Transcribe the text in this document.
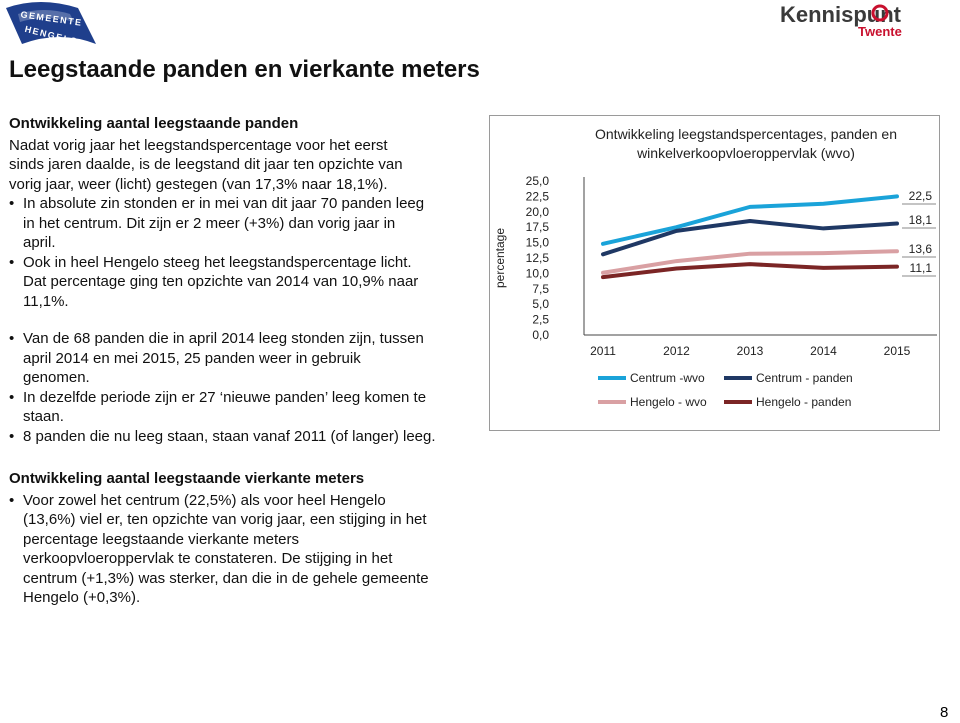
GEMEENTE
HENGELO
Kennispunt
Twente
Leegstaande panden en vierkante meters

Ontwikkeling aantal leegstaande panden

Nadat vorig jaar het leegstandspercentage voor het eerst
sinds jaren daalde, is de leegstand dit jaar ten opzichte van
vorig jaar, weer (licht) gestegen (van 17,3% naar 18,1%).
• In absolute zin stonden er in mei van dit jaar 70 panden leeg
in het centrum. Dit zijn er 2 meer (+3%) dan vorig jaar in
april.
• Ook in heel Hengelo steeg het leegstandspercentage licht.
Dat percentage ging ten opzichte van 2014 van 10,9% naar
11,1%.
• Van de 68 panden die in april 2014 leeg stonden zijn, tussen
april 2014 en mei 2015, 25 panden weer in gebruik
genomen.
• In dezelfde periode zijn er 27 ‘nieuwe panden’ leeg komen te
staan.
• 8 panden die nu leeg staan, staan vanaf 2011 (of langer) leeg.

Ontwikkeling aantal leegstaande vierkante meters

• Voor zowel het centrum (22,5%) als voor heel Hengelo
(13,6%) viel er, ten opzichte van vorig jaar, een stijging in het
percentage leegstaande vierkante meters
verkoopvloeroppervlak te constateren. De stijging in het
centrum (+1,3%) was sterker, dan die in de gehele gemeente
Hengelo (+0,3%).
Ontwikkeling leegstandspercentages, panden en
winkelverkoopvloeroppervlak (wvo)
percentage
0,0
2,5
5,0
7,5
10,0
12,5
15,0
17,5
20,0
22,5
25,0
2011	2012	2013	2014	2015
22,5
18,1
13,6
11,1
Centrum -wvo	Centrum - panden
Hengelo - wvo	Hengelo - panden
8
